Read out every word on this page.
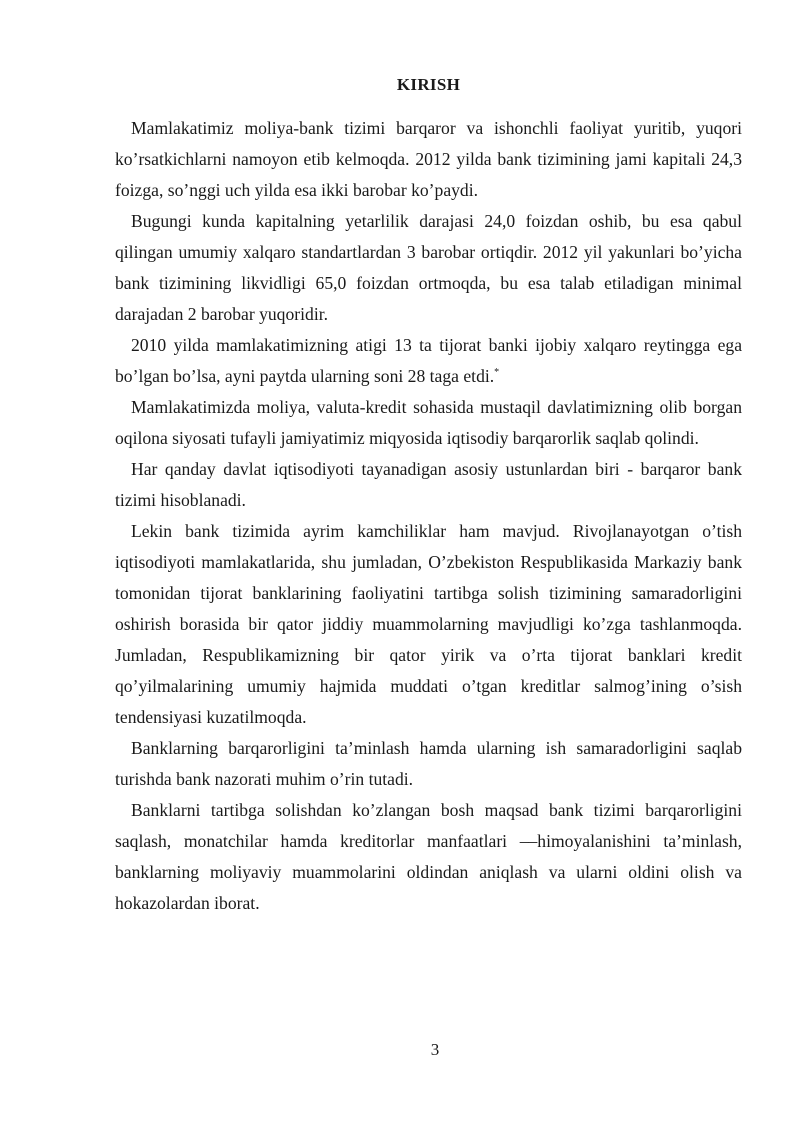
KIRISH

Mamlakatimiz moliya-bank tizimi barqaror va ishonchli faoliyat yuritib, yuqori ko’rsatkichlarni namoyon etib kelmoqda. 2012 yilda bank tizimining jami kapitali 24,3 foizga, so’nggi uch yilda esa ikki barobar ko’paydi.

Bugungi kunda kapitalning yetarlilik darajasi 24,0 foizdan oshib, bu esa qabul qilingan umumiy xalqaro standartlardan 3 barobar ortiqdir. 2012 yil yakunlari bo’yicha bank tizimining likvidligi 65,0 foizdan ortmoqda, bu esa talab etiladigan minimal darajadan 2 barobar yuqoridir.

2010 yilda mamlakatimizning atigi 13 ta tijorat banki ijobiy xalqaro reytingga ega bo’lgan bo’lsa, ayni paytda ularning soni 28 taga etdi.*

Mamlakatimizda moliya, valuta-kredit sohasida mustaqil davlatimizning olib borgan oqilona siyosati tufayli jamiyatimiz miqyosida iqtisodiy barqarorlik saqlab qolindi.

Har qanday davlat iqtisodiyoti tayanadigan asosiy ustunlardan biri - barqaror bank tizimi hisoblanadi.

Lekin bank tizimida ayrim kamchiliklar ham mavjud. Rivojlanayotgan o’tish iqtisodiyoti mamlakatlarida, shu jumladan, O’zbekiston Respublikasida Markaziy bank tomonidan tijorat banklarining faoliyatini tartibga solish tizimining samaradorligini oshirish borasida bir qator jiddiy muammolarning mavjudligi ko’zga tashlanmoqda. Jumladan, Respublikamizning bir qator yirik va o’rta tijorat banklari kredit qo’yilmalarining umumiy hajmida muddati o’tgan kreditlar salmog’ining o’sish tendensiyasi kuzatilmoqda.

Banklarning barqarorligini ta’minlash hamda ularning ish samaradorligini saqlab turishda bank nazorati muhim o’rin tutadi.

Banklarni tartibga solishdan ko’zlangan bosh maqsad bank tizimi barqarorligini saqlash, monatchilar hamda kreditorlar manfaatlari ––himoyalanishini ta’minlash, banklarning moliyaviy muammolarini oldindan aniqlash va ularni oldini olish va hokazolardan iborat.

3
